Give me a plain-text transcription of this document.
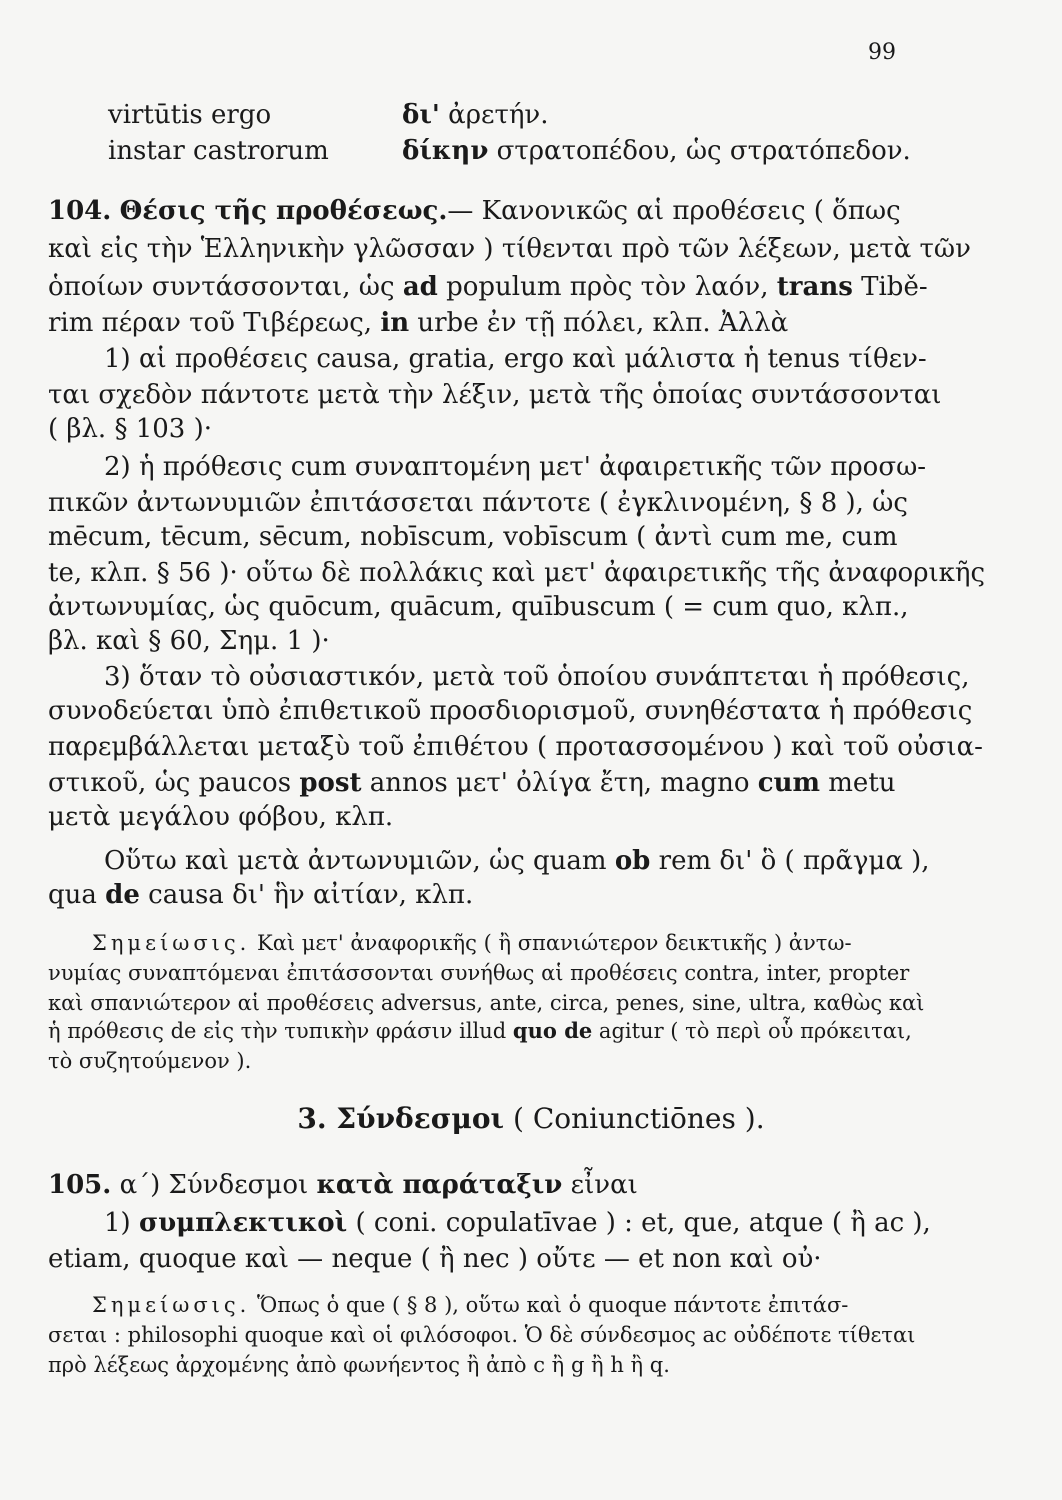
99
virtūtis ergo	δι' ἀρετήν.
instar castrorum	δίκην στρατοπέδου, ὡς στρατόπεδον.
104. Θέσις τῆς προθέσεως.— Κανονικῶς αἱ προθέσεις ( ὅπως
καὶ εἰς τὴν Ἑλληνικὴν γλῶσσαν ) τίθενται πρὸ τῶν λέξεων, μετὰ τῶν
ὁποίων συντάσσονται, ὡς ad populum πρὸς τὸν λαόν, trans Tibě-
rim πέραν τοῦ Τιβέρεως, in urbe ἐν τῇ πόλει, κλπ. Ἀλλὰ
1) αἱ προθέσεις causa, gratia, ergo καὶ μάλιστα ἡ tenus τίθεν-
ται σχεδὸν πάντοτε μετὰ τὴν λέξιν, μετὰ τῆς ὁποίας συντάσσονται
( βλ. § 103 )·
2) ἡ πρόθεσις cum συναπτομένη μετ' ἀφαιρετικῆς τῶν προσω-
πικῶν ἀντωνυμιῶν ἐπιτάσσεται πάντοτε ( ἐγκλινομένη, § 8 ), ὡς
mēcum, tēcum, sēcum, nobīscum, vobīscum ( ἀντὶ cum me, cum
te, κλπ. § 56 )· οὕτω δὲ πολλάκις καὶ μετ' ἀφαιρετικῆς τῆς ἀναφορικῆς
ἀντωνυμίας, ὡς quōcum, quācum, quībuscum ( = cum quo, κλπ.,
βλ. καὶ § 60, Σημ. 1 )·
3) ὅταν τὸ οὐσιαστικόν, μετὰ τοῦ ὁποίου συνάπτεται ἡ πρόθεσις,
συνοδεύεται ὑπὸ ἐπιθετικοῦ προσδιορισμοῦ, συνηθέστατα ἡ πρόθεσις
παρεμβάλλεται μεταξὺ τοῦ ἐπιθέτου ( προτασσομένου ) καὶ τοῦ οὐσια-
στικοῦ, ὡς paucos post annos μετ' ὀλίγα ἔτη, magno cum metu
μετὰ μεγάλου φόβου, κλπ.
Οὕτω καὶ μετὰ ἀντωνυμιῶν, ὡς quam ob rem δι' ὃ ( πρᾶγμα ),
qua de causa δι' ἣν αἰτίαν, κλπ.
Σημείωσις. Καὶ μετ' ἀναφορικῆς ( ἢ σπανιώτερον δεικτικῆς ) ἀντω-
νυμίας συναπτόμεναι ἐπιτάσσονται συνήθως αἱ προθέσεις contra, inter, propter
καὶ σπανιώτερον αἱ προθέσεις adversus, ante, circa, penes, sine, ultra, καθὼς καὶ
ἡ πρόθεσις de εἰς τὴν τυπικὴν φράσιν illud quo de agitur ( τὸ περὶ οὗ πρόκειται,
τὸ συζητούμενον ).
3. Σύνδεσμοι ( Coniunctiōnes ).
105. α΄) Σύνδεσμοι κατὰ παράταξιν εἶναι
1) συμπλεκτικοὶ ( coni. copulatīvae ) : et, que, atque ( ἢ ac ),
etiam, quoque καὶ — neque ( ἢ nec ) οὔτε — et non καὶ οὐ·
Σημείωσις. Ὅπως ὁ que ( § 8 ), οὕτω καὶ ὁ quoque πάντοτε ἐπιτάσ-
σεται : philosophi quoque καὶ οἱ φιλόσοφοι. Ὁ δὲ σύνδεσμος ac οὐδέποτε τίθεται
πρὸ λέξεως ἀρχομένης ἀπὸ φωνήεντος ἢ ἀπὸ c ἢ g ἢ h ἢ q.
